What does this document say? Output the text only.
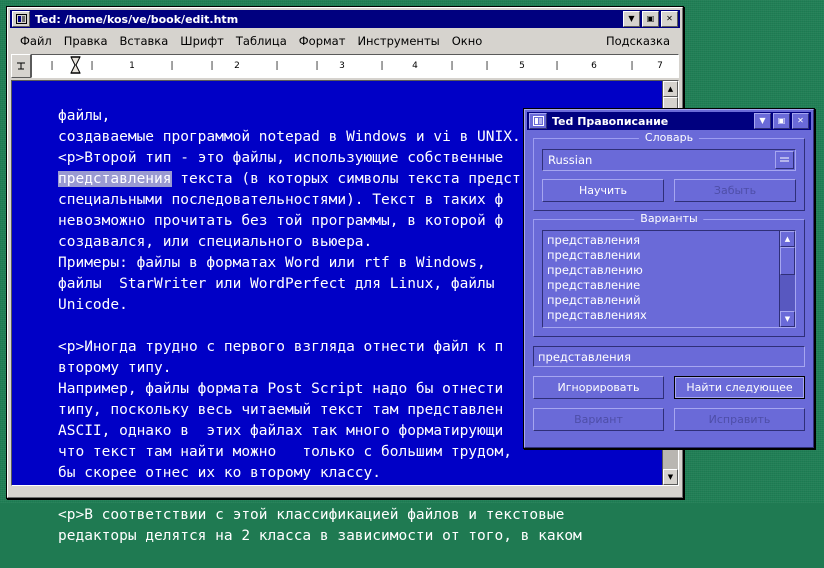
Ted: /home/kos/ve/book/edit.htm	▼	▣	✕
Файл	Правка	Вставка	Шрифт	Таблица	Формат	Инструменты	Окно	Подсказка
|	|	1	|	| 2	|	| 3	|	4	|	|	5	|	6	|	7

файлы,
создаваемые программой notepad в Windows и vi в UNIX.
<p>Второй тип - это файлы, использующие собственные
представления текста (в которых символы текста предст
специальными последовательностями). Текст в таких ф
невозможно прочитать без той программы, в которой ф
создавался, или специального вьюера.
Примеры: файлы в форматах Word или rtf в Windows,
файлы  StarWriter или WordPerfect для Linux, файлы
Unicode.

<p>Иногда трудно с первого взгляда отнести файл к п
второму типу.
Например, файлы формата Post Script надо бы отнести
типу, поскольку весь читаемый текст там представлен
ASCII, однако в  этих файлах так много форматирующи
что текст там найти можно   только с большим трудом,
бы скорее отнес их ко второму классу.

<p>В соответствии с этой классификацией файлов и текстовые
редакторы делятся на 2 класса в зависимости от того, в каком

▲
▼
Ted Правописание	▼	▣	✕
Словарь
Russian
Научить	Забыть
Варианты
представления
представлении
представлению
представление
представлений
представлениях
▲
▼
представления
Игнорировать	Найти следующее
Вариант	Исправить
